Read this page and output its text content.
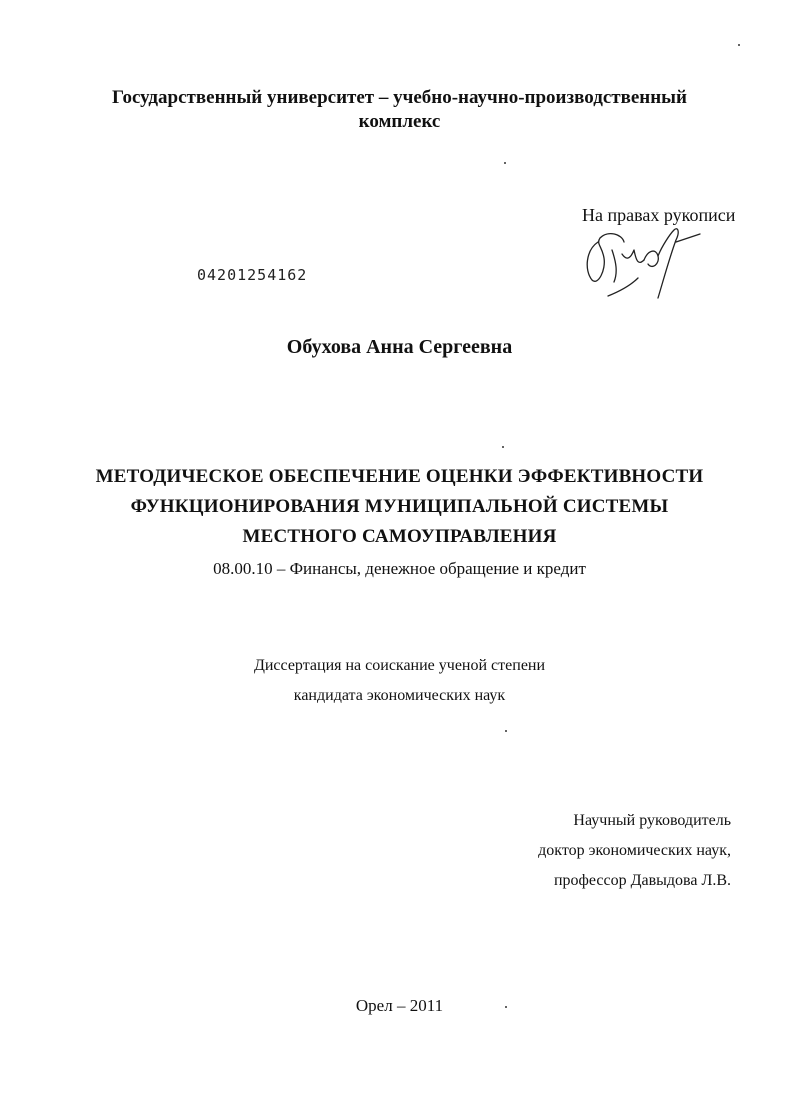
Государственный университет – учебно-научно-производственный
комплекс
На правах рукописи
04201254162
Обухова Анна Сергеевна
МЕТОДИЧЕСКОЕ ОБЕСПЕЧЕНИЕ ОЦЕНКИ ЭФФЕКТИВНОСТИ
ФУНКЦИОНИРОВАНИЯ МУНИЦИПАЛЬНОЙ СИСТЕМЫ
МЕСТНОГО САМОУПРАВЛЕНИЯ
08.00.10 – Финансы, денежное обращение и кредит
Диссертация на соискание ученой степени
кандидата экономических наук
Научный руководитель
доктор экономических наук,
профессор Давыдова Л.В.
Орел – 2011
